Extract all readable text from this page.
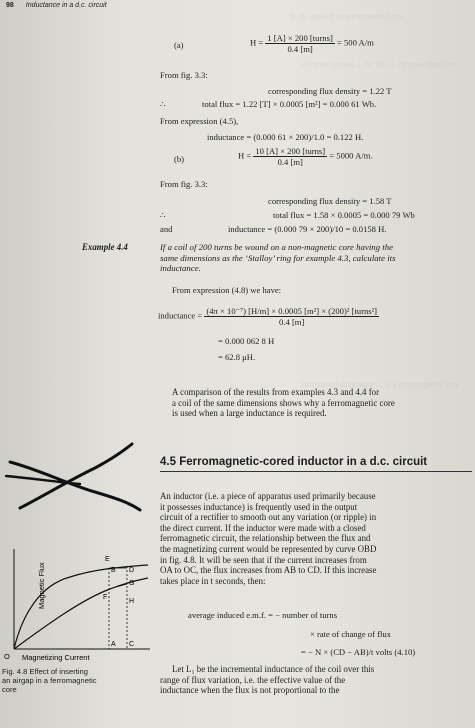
98 Inductance in a d.c. circuit
in the applied magnetomotive force ...
when the current ... the flux ... increase from zero
incremental inductance ... of a ferromagnetic core
(a)	$H = \frac{\text{1 [A] × 200 [turns]}}{0.4 [m]} = 500$ A/m
From fig. 3.3:
corresponding flux density = 1.22 T
∴	total flux = 1.22 [T] × 0.0005 [m²] = 0.000 61 Wb.
From expression (4.5),
inductance = (0.000 61 × 200)/1.0 = 0.122 H.
(b)	$H = \frac{\text{10 [A] × 200 [turns]}}{0.4 [m]} = 5000$ A/m.
From fig. 3.3:
corresponding flux density = 1.58 T
∴	total flux = 1.58 × 0.0005 = 0.000 79 Wb
and	inductance = (0.000 79 × 200)/10 = 0.0158 H.
Example 4.4	If a coil of 200 turns be wound on a non-magnetic core having the
same dimensions as the ‘Stalloy’ ring for example 4.3, calculate its
inductance.
From expression (4.8) we have:
inductance = $\frac{\text{(4π × 10⁻⁷) [H/m] × 0.0005 [m²] × (200)² [turns²]}}{0.4 [m]}$
= 0.000 062 8 H
= 62.8 μH.
A comparison of the results from examples 4.3 and 4.4 for
a coil of the same dimensions shows why a ferromagnetic core
is used when a large inductance is required.
4.5 Ferromagnetic-cored inductor in a d.c. circuit
An inductor (i.e. a piece of apparatus used primarily because
it possesses inductance) is frequently used in the output
circuit of a rectifier to smooth out any variation (or ripple) in
the direct current. If the inductor were made with a closed
ferromagnetic circuit, the relationship between the flux and
the magnetizing current would be represented by curve OBD
in fig. 4.8. It will be seen that if the current increases from
OA to OC, the flux increases from AB to CD. If this increase
takes place in t seconds, then:
average induced e.m.f. = − number of turns
× rate of change of flux
= − N × (CD − AB)/t volts (4.10)
Let L₁ be the incremental inductance of the coil over this
range of flux variation, i.e. the effective value of the
inductance when the flux is not proportional to the
Magnetic Flux
Magnetizing Current
O
E
B D
G
F
H
A C
Fig. 4.8 Effect of inserting
an airgap in a ferromagnetic
core
